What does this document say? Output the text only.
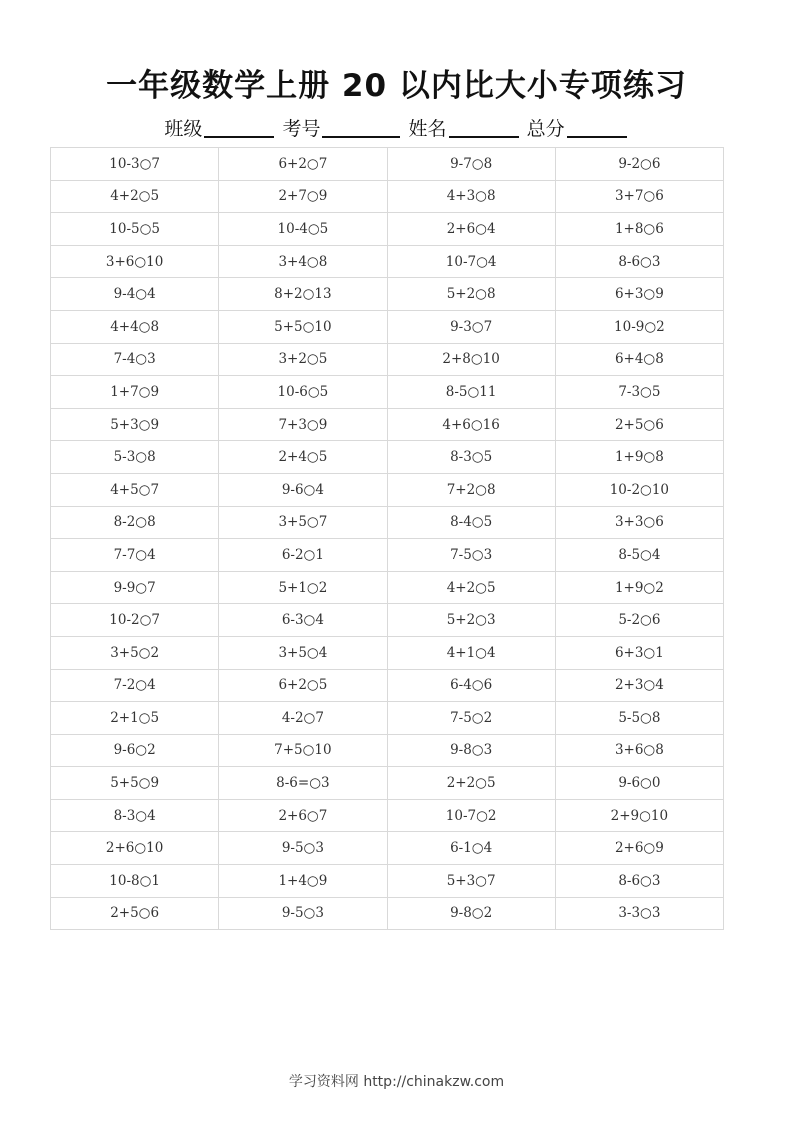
一年级数学上册 20 以内比大小专项练习
班级	考号	姓名	总分
10-3○7	6+2○7	9-7○8	9-2○6
4+2○5	2+7○9	4+3○8	3+7○6
10-5○5	10-4○5	2+6○4	1+8○6
3+6○10	3+4○8	10-7○4	8-6○3
9-4○4	8+2○13	5+2○8	6+3○9
4+4○8	5+5○10	9-3○7	10-9○2
7-4○3	3+2○5	2+8○10	6+4○8
1+7○9	10-6○5	8-5○11	7-3○5
5+3○9	7+3○9	4+6○16	2+5○6
5-3○8	2+4○5	8-3○5	1+9○8
4+5○7	9-6○4	7+2○8	10-2○10
8-2○8	3+5○7	8-4○5	3+3○6
7-7○4	6-2○1	7-5○3	8-5○4
9-9○7	5+1○2	4+2○5	1+9○2
10-2○7	6-3○4	5+2○3	5-2○6
3+5○2	3+5○4	4+1○4	6+3○1
7-2○4	6+2○5	6-4○6	2+3○4
2+1○5	4-2○7	7-5○2	5-5○8
9-6○2	7+5○10	9-8○3	3+6○8
5+5○9	8-6=○3	2+2○5	9-6○0
8-3○4	2+6○7	10-7○2	2+9○10
2+6○10	9-5○3	6-1○4	2+6○9
10-8○1	1+4○9	5+3○7	8-6○3
2+5○6	9-5○3	9-8○2	3-3○3
学习资料网 http://chinakzw.com
